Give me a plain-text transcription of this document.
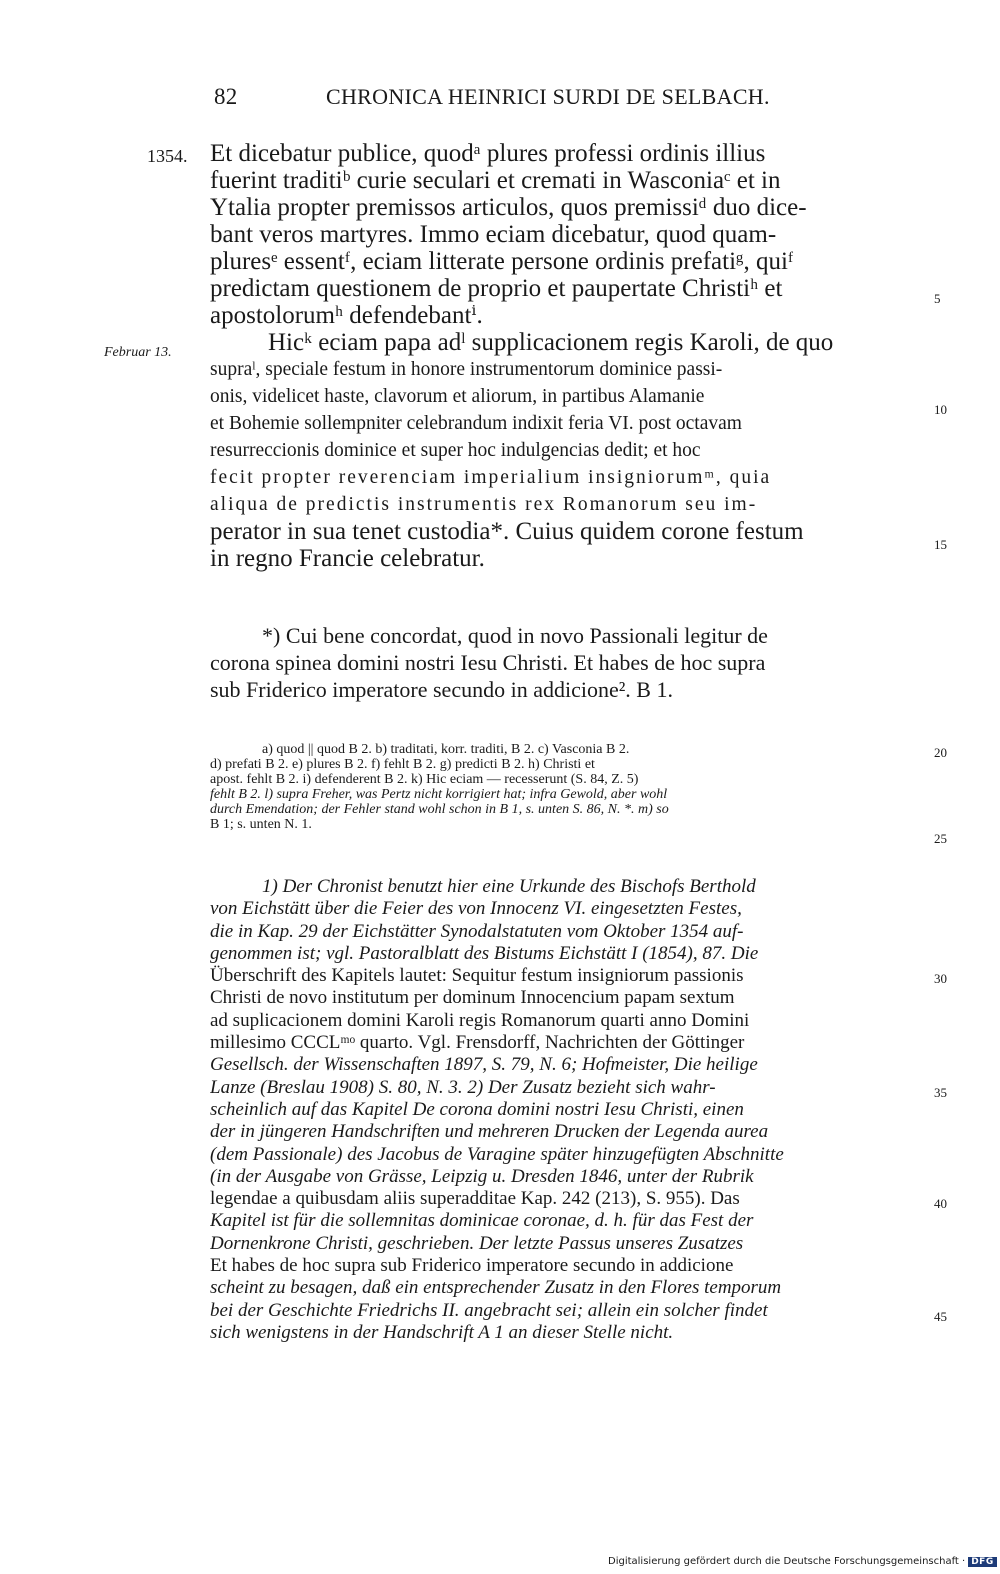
82	CHRONICA HEINRICI SURDI DE SELBACH.
1354.
Februar 13.
5
10
15
20
25
30
35
40
45
Et dicebatur publice, quodᵃ plures professi ordinis illius
fuerint traditiᵇ curie seculari et cremati in Wasconiaᶜ et in
Ytalia propter premissos articulos, quos premissiᵈ duo dice-
bant veros martyres. Immo eciam dicebatur, quod quam-
pluresᵉ essentᶠ, eciam litterate persone ordinis prefatiᵍ, quiᶠ
predictam questionem de proprio et paupertate Christiʰ et
apostolorumʰ defendebantⁱ.
Hicᵏ eciam papa adˡ supplicacionem regis Karoli, de quo
supraˡ, speciale festum in honore instrumentorum dominice passi-
onis, videlicet haste, clavorum et aliorum, in partibus Alamanie
et Bohemie sollempniter celebrandum indixit feria VI. post octavam
resurreccionis dominice et super hoc indulgencias dedit; et hoc
fecit propter reverenciam imperialium insigniorumᵐ, quia
aliqua de predictis instrumentis rex Romanorum seu im-
perator in sua tenet custodia*. Cuius quidem corone festum
in regno Francie celebratur.
*) Cui bene concordat, quod in novo Passionali legitur de
corona spinea domini nostri Iesu Christi. Et habes de hoc supra
sub Friderico imperatore secundo in addicione². B 1.
a) quod || quod B 2. b) traditati, korr. traditi, B 2. c) Vasconia B 2.
d) prefati B 2. e) plures B 2. f) fehlt B 2. g) predicti B 2. h) Christi et
apost. fehlt B 2. i) defenderent B 2. k) Hic eciam — recesserunt (S. 84, Z. 5)
fehlt B 2. l) supra Freher, was Pertz nicht korrigiert hat; infra Gewold, aber wohl
durch Emendation; der Fehler stand wohl schon in B 1, s. unten S. 86, N. *. m) so
B 1; s. unten N. 1.
1) Der Chronist benutzt hier eine Urkunde des Bischofs Berthold
von Eichstätt über die Feier des von Innocenz VI. eingesetzten Festes,
die in Kap. 29 der Eichstätter Synodalstatuten vom Oktober 1354 auf-
genommen ist; vgl. Pastoralblatt des Bistums Eichstätt I (1854), 87. Die
Überschrift des Kapitels lautet: Sequitur festum insigniorum passionis
Christi de novo institutum per dominum Innocencium papam sextum
ad suplicacionem domini Karoli regis Romanorum quarti anno Domini
millesimo CCCLᵐᵒ quarto. Vgl. Frensdorff, Nachrichten der Göttinger
Gesellsch. der Wissenschaften 1897, S. 79, N. 6; Hofmeister, Die heilige
Lanze (Breslau 1908) S. 80, N. 3. 2) Der Zusatz bezieht sich wahr-
scheinlich auf das Kapitel De corona domini nostri Iesu Christi, einen
der in jüngeren Handschriften und mehreren Drucken der Legenda aurea
(dem Passionale) des Jacobus de Varagine später hinzugefügten Abschnitte
(in der Ausgabe von Grässe, Leipzig u. Dresden 1846, unter der Rubrik
legendae a quibusdam aliis superadditae Kap. 242 (213), S. 955). Das
Kapitel ist für die sollemnitas dominicae coronae, d. h. für das Fest der
Dornenkrone Christi, geschrieben. Der letzte Passus unseres Zusatzes
Et habes de hoc supra sub Friderico imperatore secundo in addicione
scheint zu besagen, daß ein entsprechender Zusatz in den Flores temporum
bei der Geschichte Friedrichs II. angebracht sei; allein ein solcher findet
sich wenigstens in der Handschrift A 1 an dieser Stelle nicht.
Digitalisierung gefördert durch die Deutsche Forschungsgemeinschaft · DFG
